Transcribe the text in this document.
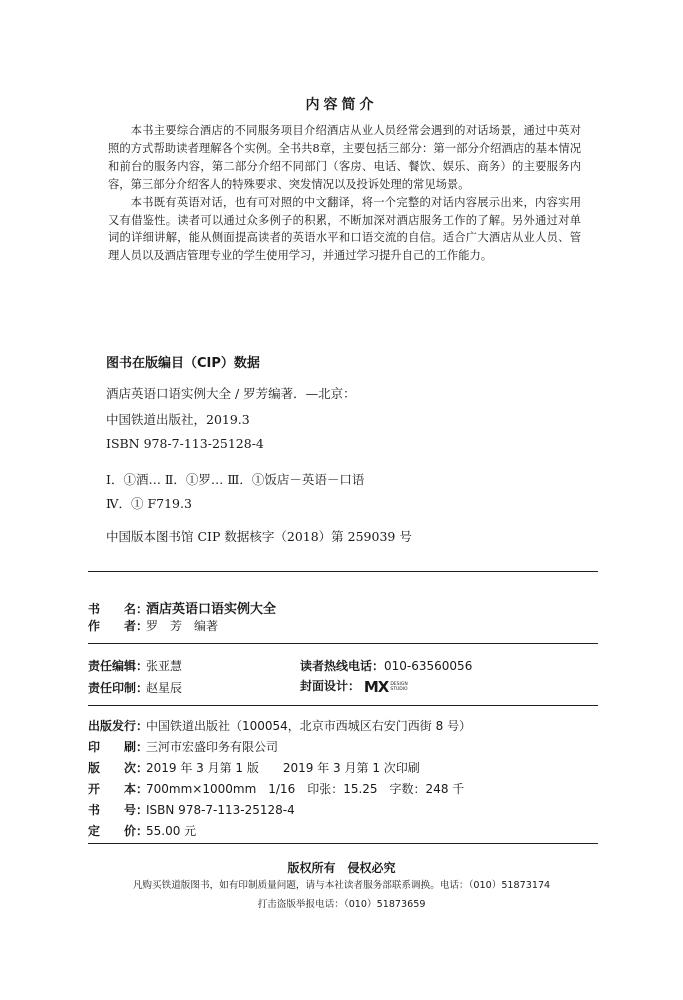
内容简介

本书主要综合酒店的不同服务项目介绍酒店从业人员经常会遇到的对话场景，通过中英对照的方式帮助读者理解各个实例。全书共8章，主要包括三部分：第一部分介绍酒店的基本情况和前台的服务内容，第二部分介绍不同部门（客房、电话、餐饮、娱乐、商务）的主要服务内容，第三部分介绍客人的特殊要求、突发情况以及投诉处理的常见场景。

本书既有英语对话，也有可对照的中文翻译，将一个完整的对话内容展示出来，内容实用又有借鉴性。读者可以通过众多例子的积累，不断加深对酒店服务工作的了解。另外通过对单词的详细讲解，能从侧面提高读者的英语水平和口语交流的自信。适合广大酒店从业人员、管理人员以及酒店管理专业的学生使用学习，并通过学习提升自己的工作能力。

图书在版编目（CIP）数据
酒店英语口语实例大全 / 罗芳编著．—北京：
中国铁道出版社，2019.3
ISBN 978-7-113-25128-4
Ⅰ．①酒… Ⅱ．①罗… Ⅲ．①饭店－英语－口语
Ⅳ．① F719.3
中国版本图书馆 CIP 数据核字（2018）第 259039 号
书　　名：酒店英语口语实例大全
作　　者：罗　芳　编著
责任编辑：张亚慧	读者热线电话：010-63560056
责任印制：赵星辰	封面设计： MX DESIGN
STUDIO
出版发行：中国铁道出版社（100054，北京市西城区右安门西街 8 号）
印　　刷：三河市宏盛印务有限公司
版　　次：2019 年 3 月第 1 版　　2019 年 3 月第 1 次印刷
开　　本：700mm×1000mm　1/16　印张：15.25　字数：248 千
书　　号：ISBN 978-7-113-25128-4
定　　价：55.00 元
版权所有　侵权必究
凡购买铁道版图书，如有印制质量问题，请与本社读者服务部联系调换。电话：（010）51873174
打击盗版举报电话：（010）51873659
